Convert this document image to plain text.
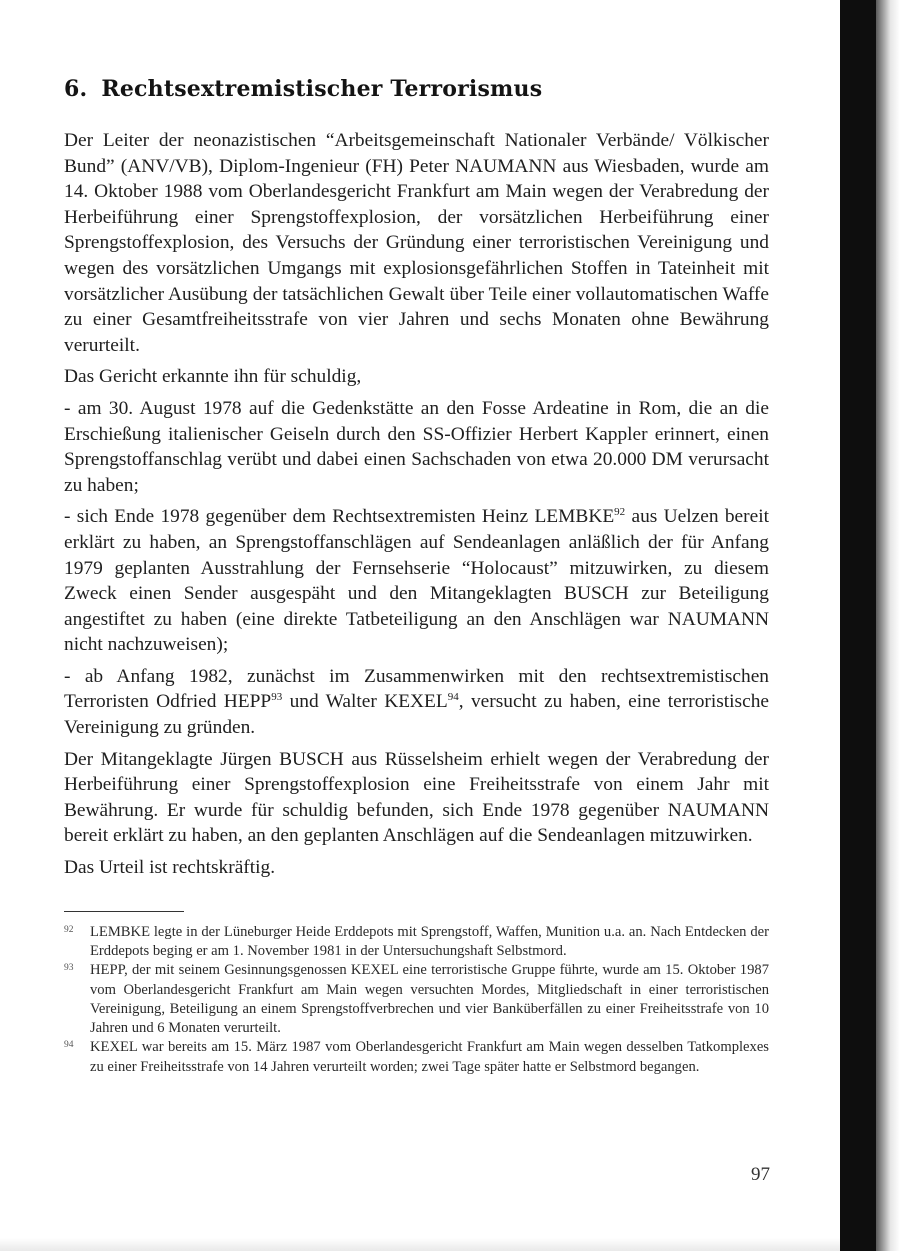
6. Rechtsextremistischer Terrorismus

Der Leiter der neonazistischen “Arbeitsgemeinschaft Nationaler Verbände/ Völkischer Bund” (ANV/VB), Diplom-Ingenieur (FH) Peter NAUMANN aus Wiesbaden, wurde am 14. Oktober 1988 vom Oberlandesgericht Frankfurt am Main wegen der Verabredung der Herbeiführung einer Sprengstoffexplosion, der vorsätzlichen Herbeiführung einer Sprengstoffexplosion, des Versuchs der Gründung einer terroristischen Vereinigung und wegen des vorsätzlichen Umgangs mit explosionsgefährlichen Stoffen in Tateinheit mit vorsätzlicher Ausübung der tatsächlichen Gewalt über Teile einer vollautomatischen Waffe zu einer Gesamtfreiheitsstrafe von vier Jahren und sechs Monaten ohne Bewährung verurteilt.

Das Gericht erkannte ihn für schuldig,

- am 30. August 1978 auf die Gedenkstätte an den Fosse Ardeatine in Rom, die an die Erschießung italienischer Geiseln durch den SS-Offizier Herbert Kappler erinnert, einen Sprengstoffanschlag verübt und dabei einen Sachschaden von etwa 20.000 DM verursacht zu haben;

- sich Ende 1978 gegenüber dem Rechtsextremisten Heinz LEMBKE$^{92}$ aus Uelzen bereit erklärt zu haben, an Sprengstoffanschlägen auf Sendeanlagen anläßlich der für Anfang 1979 geplanten Ausstrahlung der Fernsehserie “Holocaust” mitzuwirken, zu diesem Zweck einen Sender ausgespäht und den Mitangeklagten BUSCH zur Beteiligung angestiftet zu haben (eine direkte Tatbeteiligung an den Anschlägen war NAUMANN nicht nachzuweisen);

- ab Anfang 1982, zunächst im Zusammenwirken mit den rechtsextremistischen Terroristen Odfried HEPP$^{93}$ und Walter KEXEL$^{94}$, versucht zu haben, eine terroristische Vereinigung zu gründen.

Der Mitangeklagte Jürgen BUSCH aus Rüsselsheim erhielt wegen der Verabredung der Herbeiführung einer Sprengstoffexplosion eine Freiheitsstrafe von einem Jahr mit Bewährung. Er wurde für schuldig befunden, sich Ende 1978 gegenüber NAUMANN bereit erklärt zu haben, an den geplanten Anschlägen auf die Sendeanlagen mitzuwirken.

Das Urteil ist rechtskräftig.

92	LEMBKE legte in der Lüneburger Heide Erddepots mit Sprengstoff, Waffen, Munition u.a. an. Nach Entdecken der Erddepots beging er am 1. November 1981 in der Untersuchungshaft Selbstmord.
93	HEPP, der mit seinem Gesinnungsgenossen KEXEL eine terroristische Gruppe führte, wurde am 15. Oktober 1987 vom Oberlandesgericht Frankfurt am Main wegen versuchten Mordes, Mitgliedschaft in einer terroristischen Vereinigung, Beteiligung an einem Sprengstoffverbrechen und vier Banküberfällen zu einer Freiheitsstrafe von 10 Jahren und 6 Monaten verurteilt.
94	KEXEL war bereits am 15. März 1987 vom Oberlandesgericht Frankfurt am Main wegen desselben Tatkomplexes zu einer Freiheitsstrafe von 14 Jahren verurteilt worden; zwei Tage später hatte er Selbstmord begangen.
97
